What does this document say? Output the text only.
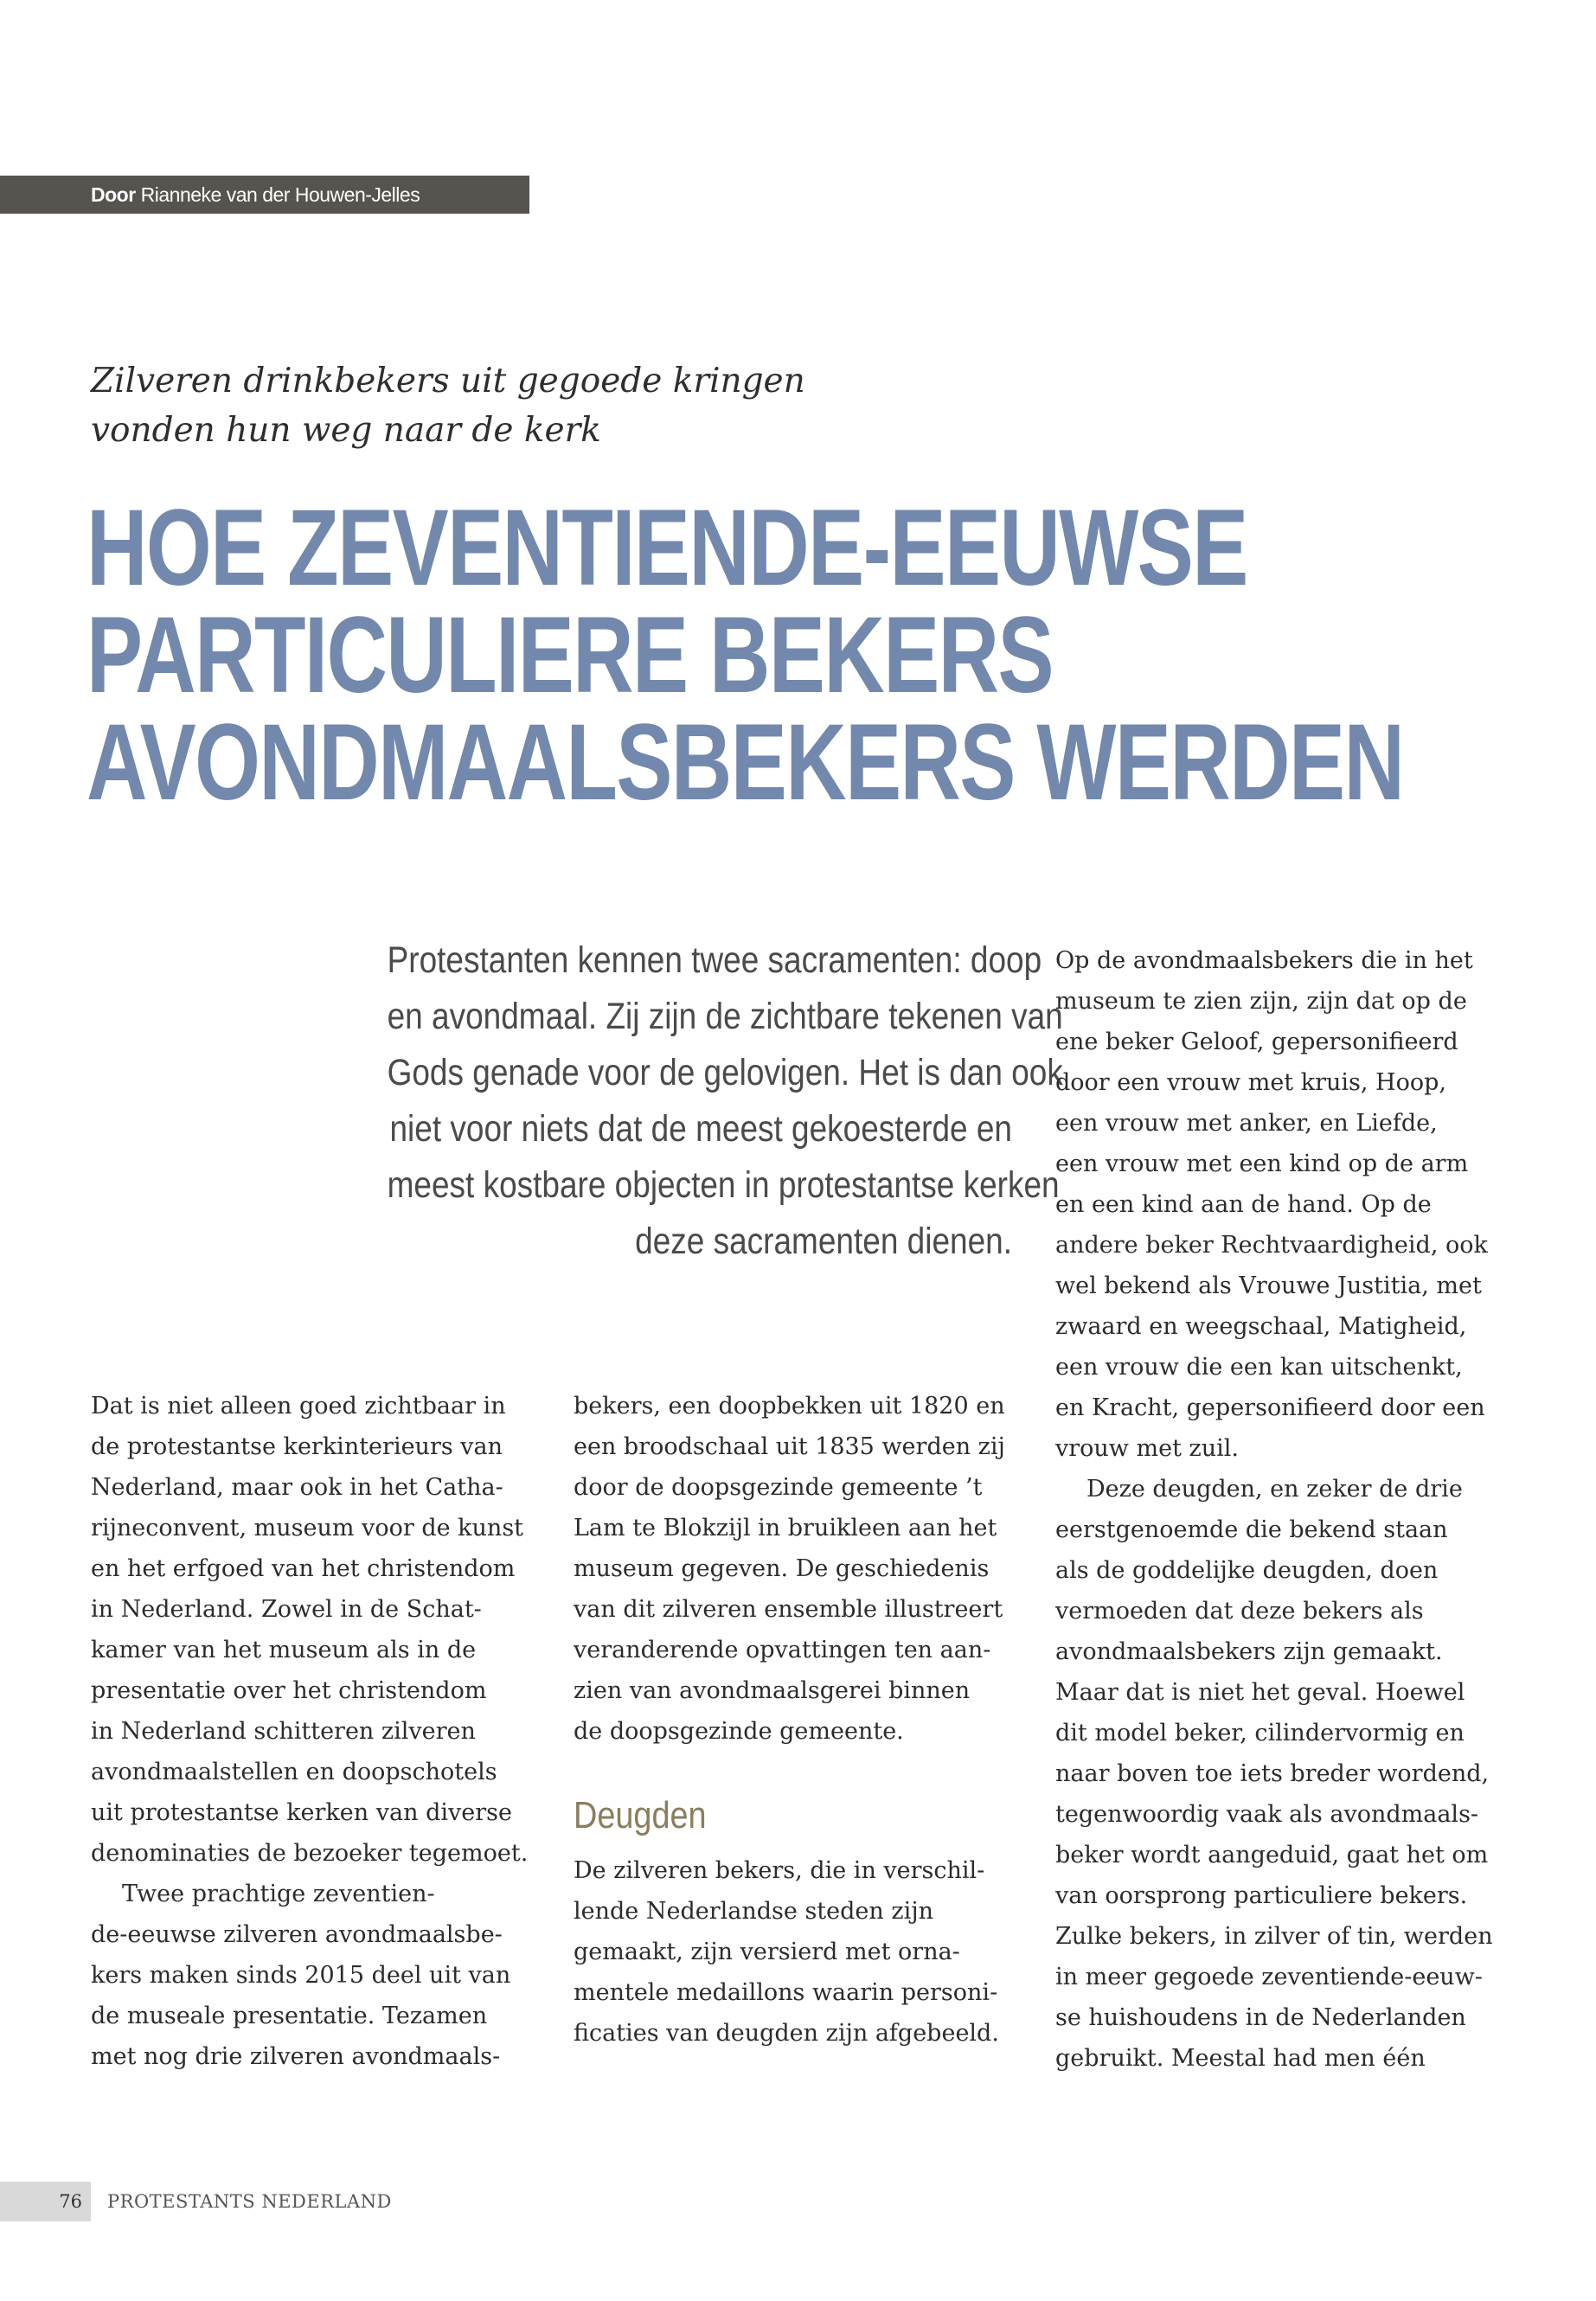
Door Rianneke van der Houwen-Jelles
Zilveren drinkbekers uit gegoede kringen
vonden hun weg naar de kerk
HOE ZEVENTIENDE-EEUWSE
PARTICULIERE BEKERS
AVONDMAALSBEKERS WERDEN
Protestanten kennen twee sacramenten: doop
en avondmaal. Zij zijn de zichtbare tekenen van
Gods genade voor de gelovigen. Het is dan ook
niet voor niets dat de meest gekoesterde en
meest kostbare objecten in protestantse kerken
deze sacramenten dienen.
Dat is niet alleen goed zichtbaar in
de protestantse kerkinterieurs van
Nederland, maar ook in het Catha-
rijneconvent, museum voor de kunst
en het erfgoed van het christendom
in Nederland. Zowel in de Schat-
kamer van het museum als in de
presentatie over het christendom
in Nederland schitteren zilveren
avondmaalstellen en doopschotels
uit protestantse kerken van diverse
denominaties de bezoeker tegemoet.
Twee prachtige zeventien-
de-eeuwse zilveren avondmaalsbe-
kers maken sinds 2015 deel uit van
de museale presentatie. Tezamen
met nog drie zilveren avondmaals-
bekers, een doopbekken uit 1820 en
een broodschaal uit 1835 werden zij
door de doopsgezinde gemeente ’t
Lam te Blokzijl in bruikleen aan het
museum gegeven. De geschiedenis
van dit zilveren ensemble illustreert
veranderende opvattingen ten aan-
zien van avondmaalsgerei binnen
de doopsgezinde gemeente.
Deugden
De zilveren bekers, die in verschil-
lende Nederlandse steden zijn
gemaakt, zijn versierd met orna-
mentele medaillons waarin personi-
ficaties van deugden zijn afgebeeld.
Op de avondmaalsbekers die in het
museum te zien zijn, zijn dat op de
ene beker Geloof, gepersonifieerd
door een vrouw met kruis, Hoop,
een vrouw met anker, en Liefde,
een vrouw met een kind op de arm
en een kind aan de hand. Op de
andere beker Rechtvaardigheid, ook
wel bekend als Vrouwe Justitia, met
zwaard en weegschaal, Matigheid,
een vrouw die een kan uitschenkt,
en Kracht, gepersonifieerd door een
vrouw met zuil.
Deze deugden, en zeker de drie
eerstgenoemde die bekend staan
als de goddelijke deugden, doen
vermoeden dat deze bekers als
avondmaalsbekers zijn gemaakt.
Maar dat is niet het geval. Hoewel
dit model beker, cilindervormig en
naar boven toe iets breder wordend,
tegenwoordig vaak als avondmaals-
beker wordt aangeduid, gaat het om
van oorsprong particuliere bekers.
Zulke bekers, in zilver of tin, werden
in meer gegoede zeventiende-eeuw-
se huishoudens in de Nederlanden
gebruikt. Meestal had men één
76	PROTESTANTS NEDERLAND
